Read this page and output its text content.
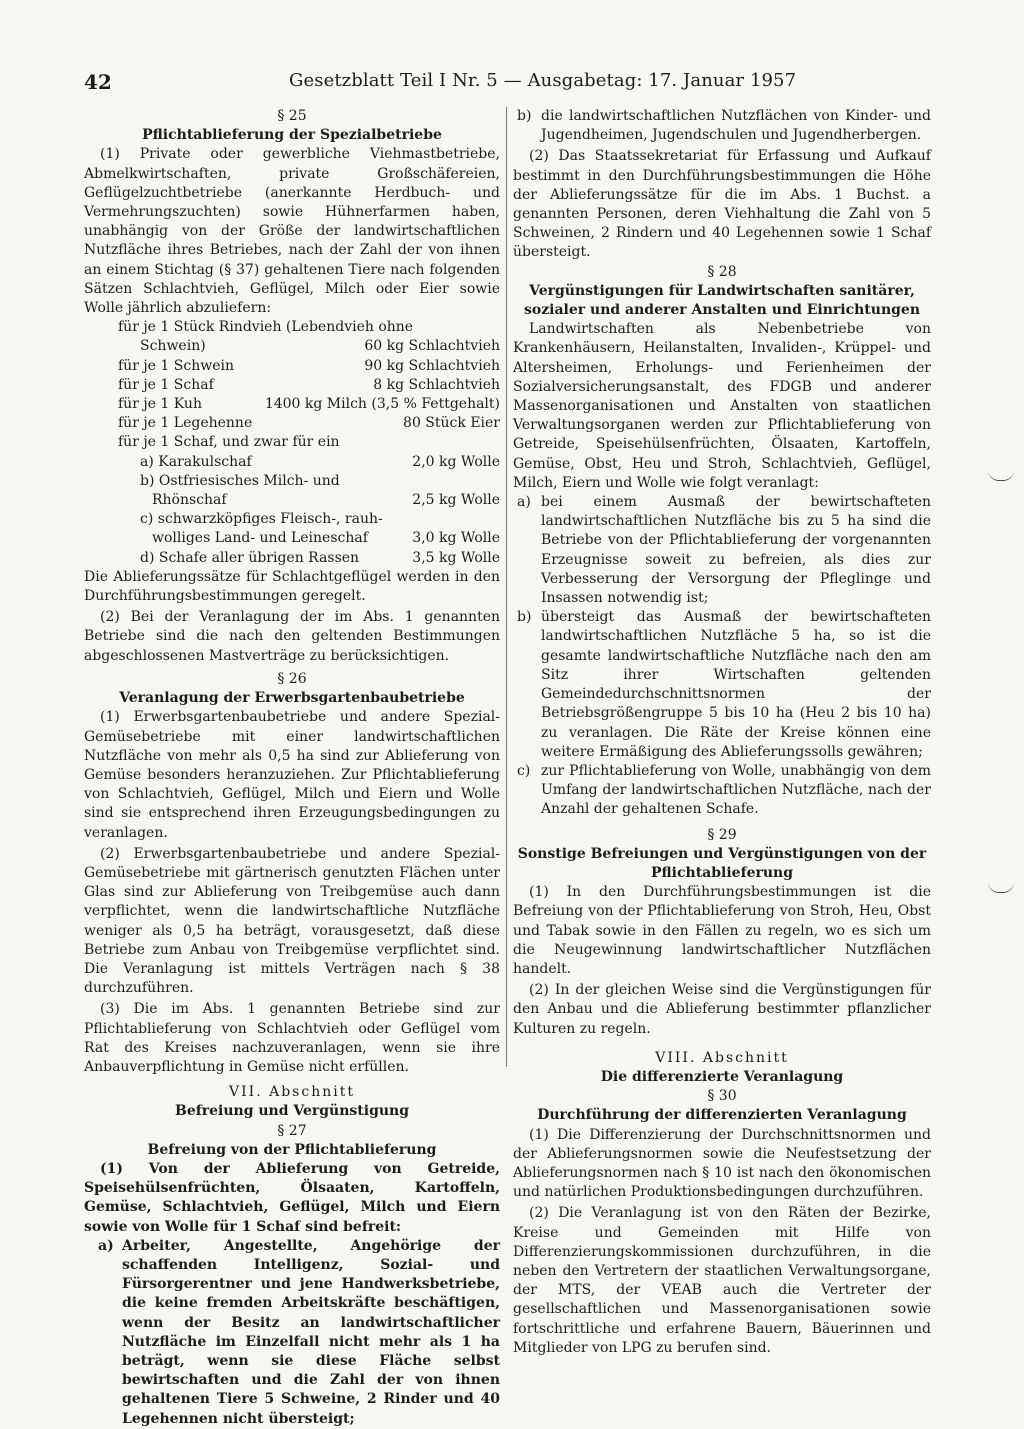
42	Gesetzblatt Teil I Nr. 5 — Ausgabetag: 17. Januar 1957
§ 25
Pflichtablieferung der Spezialbetriebe

(1) Private oder gewerbliche Viehmastbetriebe, Abmelkwirtschaften, private Großschäfereien, Geflügelzuchtbetriebe (anerkannte Herdbuch- und Vermehrungszuchten) sowie Hühnerfarmen haben, unabhängig von der Größe der landwirtschaftlichen Nutzfläche ihres Betriebes, nach der Zahl der von ihnen an einem Stichtag (§ 37) gehaltenen Tiere nach folgenden Sätzen Schlachtvieh, Geflügel, Milch oder Eier sowie Wolle jährlich abzuliefern:

für je 1 Stück Rindvieh (Lebendvieh ohne
Schwein)	60 kg Schlachtvieh
für je 1 Schwein	90 kg Schlachtvieh
für je 1 Schaf	8 kg Schlachtvieh
für je 1 Kuh	1400 kg Milch (3,5 % Fettgehalt)
für je 1 Legehenne	80 Stück Eier
für je 1 Schaf, und zwar für ein
a) Karakulschaf	2,0 kg Wolle
b) Ostfriesisches Milch- und
Rhönschaf	2,5 kg Wolle
c) schwarzköpfiges Fleisch-, rauh-
wolliges Land- und Leineschaf	3,0 kg Wolle
d) Schafe aller übrigen Rassen	3,5 kg Wolle

Die Ablieferungssätze für Schlachtgeflügel werden in den Durchführungsbestimmungen geregelt.

(2) Bei der Veranlagung der im Abs. 1 genannten Betriebe sind die nach den geltenden Bestimmungen abgeschlossenen Mastverträge zu berücksichtigen.

§ 26
Veranlagung der Erwerbsgartenbaubetriebe

(1) Erwerbsgartenbaubetriebe und andere Spezial-Gemüsebetriebe mit einer landwirtschaftlichen Nutzfläche von mehr als 0,5 ha sind zur Ablieferung von Gemüse besonders heranzuziehen. Zur Pflichtablieferung von Schlachtvieh, Geflügel, Milch und Eiern und Wolle sind sie entsprechend ihren Erzeugungsbedingungen zu veranlagen.

(2) Erwerbsgartenbaubetriebe und andere Spezial-Gemüsebetriebe mit gärtnerisch genutzten Flächen unter Glas sind zur Ablieferung von Treibgemüse auch dann verpflichtet, wenn die landwirtschaftliche Nutzfläche weniger als 0,5 ha beträgt, vorausgesetzt, daß diese Betriebe zum Anbau von Treibgemüse verpflichtet sind. Die Veranlagung ist mittels Verträgen nach § 38 durchzuführen.

(3) Die im Abs. 1 genannten Betriebe sind zur Pflichtablieferung von Schlachtvieh oder Geflügel vom Rat des Kreises nachzuveranlagen, wenn sie ihre Anbauverpflichtung in Gemüse nicht erfüllen.

VII. Abschnitt
Befreiung und Vergünstigung
§ 27
Befreiung von der Pflichtablieferung

(1) Von der Ablieferung von Getreide, Speisehülsenfrüchten, Ölsaaten, Kartoffeln, Gemüse, Schlachtvieh, Geflügel, Milch und Eiern sowie von Wolle für 1 Schaf sind befreit:

a) Arbeiter, Angestellte, Angehörige der schaffenden Intelligenz, Sozial- und Fürsorgerentner und jene Handwerksbetriebe, die keine fremden Arbeitskräfte beschäftigen, wenn der Besitz an landwirtschaftlicher Nutzfläche im Einzelfall nicht mehr als 1 ha beträgt, wenn sie diese Fläche selbst bewirtschaften und die Zahl der von ihnen gehaltenen Tiere 5 Schweine, 2 Rinder und 40 Legehennen nicht übersteigt;
b) die landwirtschaftlichen Nutzflächen von Kinder- und Jugendheimen, Jugendschulen und Jugendherbergen.

(2) Das Staatssekretariat für Erfassung und Aufkauf bestimmt in den Durchführungsbestimmungen die Höhe der Ablieferungssätze für die im Abs. 1 Buchst. a genannten Personen, deren Viehhaltung die Zahl von 5 Schweinen, 2 Rindern und 40 Legehennen sowie 1 Schaf übersteigt.

§ 28
Vergünstigungen für Landwirtschaften sanitärer, sozialer und anderer Anstalten und Einrichtungen

Landwirtschaften als Nebenbetriebe von Krankenhäusern, Heilanstalten, Invaliden-, Krüppel- und Altersheimen, Erholungs- und Ferienheimen der Sozialversicherungsanstalt, des FDGB und anderer Massenorganisationen und Anstalten von staatlichen Verwaltungsorganen werden zur Pflichtablieferung von Getreide, Speisehülsenfrüchten, Ölsaaten, Kartoffeln, Gemüse, Obst, Heu und Stroh, Schlachtvieh, Geflügel, Milch, Eiern und Wolle wie folgt veranlagt:

a) bei einem Ausmaß der bewirtschafteten landwirtschaftlichen Nutzfläche bis zu 5 ha sind die Betriebe von der Pflichtablieferung der vorgenannten Erzeugnisse soweit zu befreien, als dies zur Verbesserung der Versorgung der Pfleglinge und Insassen notwendig ist;
b) übersteigt das Ausmaß der bewirtschafteten landwirtschaftlichen Nutzfläche 5 ha, so ist die gesamte landwirtschaftliche Nutzfläche nach den am Sitz ihrer Wirtschaften geltenden Gemeindedurchschnittsnormen der Betriebsgrößengruppe 5 bis 10 ha (Heu 2 bis 10 ha) zu veranlagen. Die Räte der Kreise können eine weitere Ermäßigung des Ablieferungssolls gewähren;
c) zur Pflichtablieferung von Wolle, unabhängig von dem Umfang der landwirtschaftlichen Nutzfläche, nach der Anzahl der gehaltenen Schafe.
§ 29
Sonstige Befreiungen und Vergünstigungen von der Pflichtablieferung

(1) In den Durchführungsbestimmungen ist die Befreiung von der Pflichtablieferung von Stroh, Heu, Obst und Tabak sowie in den Fällen zu regeln, wo es sich um die Neugewinnung landwirtschaftlicher Nutzflächen handelt.

(2) In der gleichen Weise sind die Vergünstigungen für den Anbau und die Ablieferung bestimmter pflanzlicher Kulturen zu regeln.

VIII. Abschnitt
Die differenzierte Veranlagung
§ 30
Durchführung der differenzierten Veranlagung

(1) Die Differenzierung der Durchschnittsnormen und der Ablieferungsnormen sowie die Neufestsetzung der Ablieferungsnormen nach § 10 ist nach den ökonomischen und natürlichen Produktionsbedingungen durchzuführen.

(2) Die Veranlagung ist von den Räten der Bezirke, Kreise und Gemeinden mit Hilfe von Differenzierungskommissionen durchzuführen, in die neben den Vertretern der staatlichen Verwaltungsorgane, der MTS, der VEAB auch die Vertreter der gesellschaftlichen und Massenorganisationen sowie fortschrittliche und erfahrene Bauern, Bäuerinnen und Mitglieder von LPG zu berufen sind.
